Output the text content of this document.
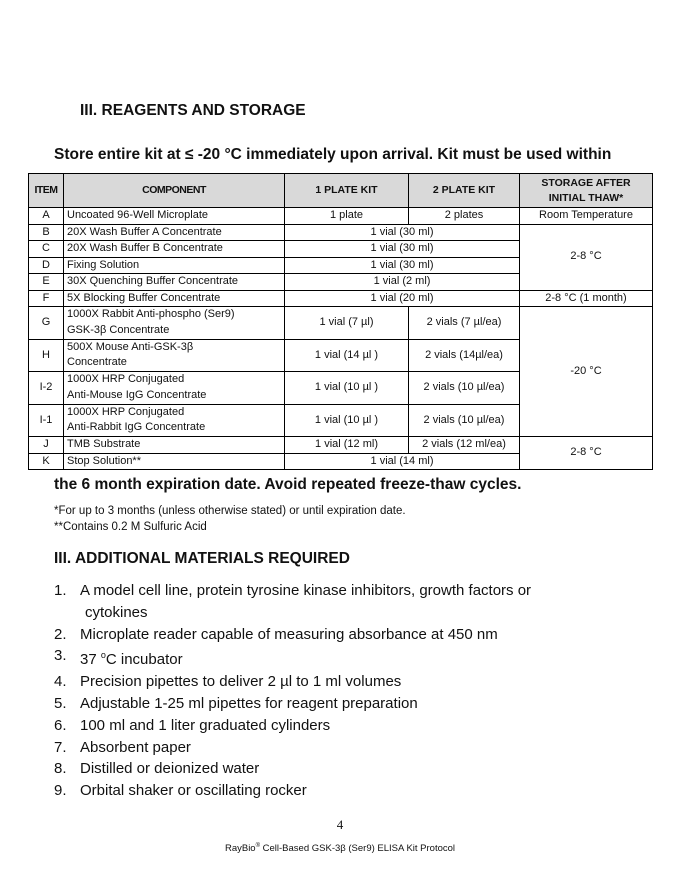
III. REAGENTS AND STORAGE
Store entire kit at ≤ -20 °C immediately upon arrival. Kit must be used within
ITEM	COMPONENT	1 PLATE KIT	2 PLATE KIT	STORAGE AFTER
INITIAL THAW*
A	Uncoated 96-Well Microplate	1 plate	2 plates	Room Temperature
B	20X Wash Buffer A Concentrate	1 vial (30 ml)		2-8 °C
C	20X Wash Buffer B Concentrate	1 vial (30 ml)		
D	Fixing Solution	1 vial (30 ml)		
E	30X Quenching Buffer Concentrate	1 vial (2 ml)		
F	5X Blocking Buffer Concentrate	1 vial (20 ml)		2-8 °C (1 month)
G	1000X Rabbit Anti-phospho (Ser9)
GSK-3β Concentrate	1 vial (7 µl)	2 vials (7 µl/ea)	-20 °C
H	500X Mouse Anti-GSK-3β
Concentrate	1 vial (14 µl )	2 vials (14µl/ea)	
I-2	1000X HRP Conjugated
Anti-Mouse IgG Concentrate	1 vial (10 µl )	2 vials (10 µl/ea)	
I-1	1000X HRP Conjugated
Anti-Rabbit IgG Concentrate	1 vial (10 µl )	2 vials (10 µl/ea)	
J	TMB Substrate	1 vial (12 ml)	2 vials (12 ml/ea)	2-8 °C
K	Stop Solution**	1 vial (14 ml)		
the 6 month expiration date. Avoid repeated freeze-thaw cycles.
*For up to 3 months (unless otherwise stated) or until expiration date.
**Contains 0.2 M Sulfuric Acid
III. ADDITIONAL MATERIALS REQUIRED
1. A model cell line, protein tyrosine kinase inhibitors, growth factors or
cytokines
2. Microplate reader capable of measuring absorbance at 450 nm
3. 37 $^o$C incubator
4. Precision pipettes to deliver 2 µl to 1 ml volumes
5. Adjustable 1-25 ml pipettes for reagent preparation
6. 100 ml and 1 liter graduated cylinders
7. Absorbent paper
8. Distilled or deionized water
9. Orbital shaker or oscillating rocker
4
RayBio® Cell-Based GSK-3β (Ser9) ELISA Kit Protocol
